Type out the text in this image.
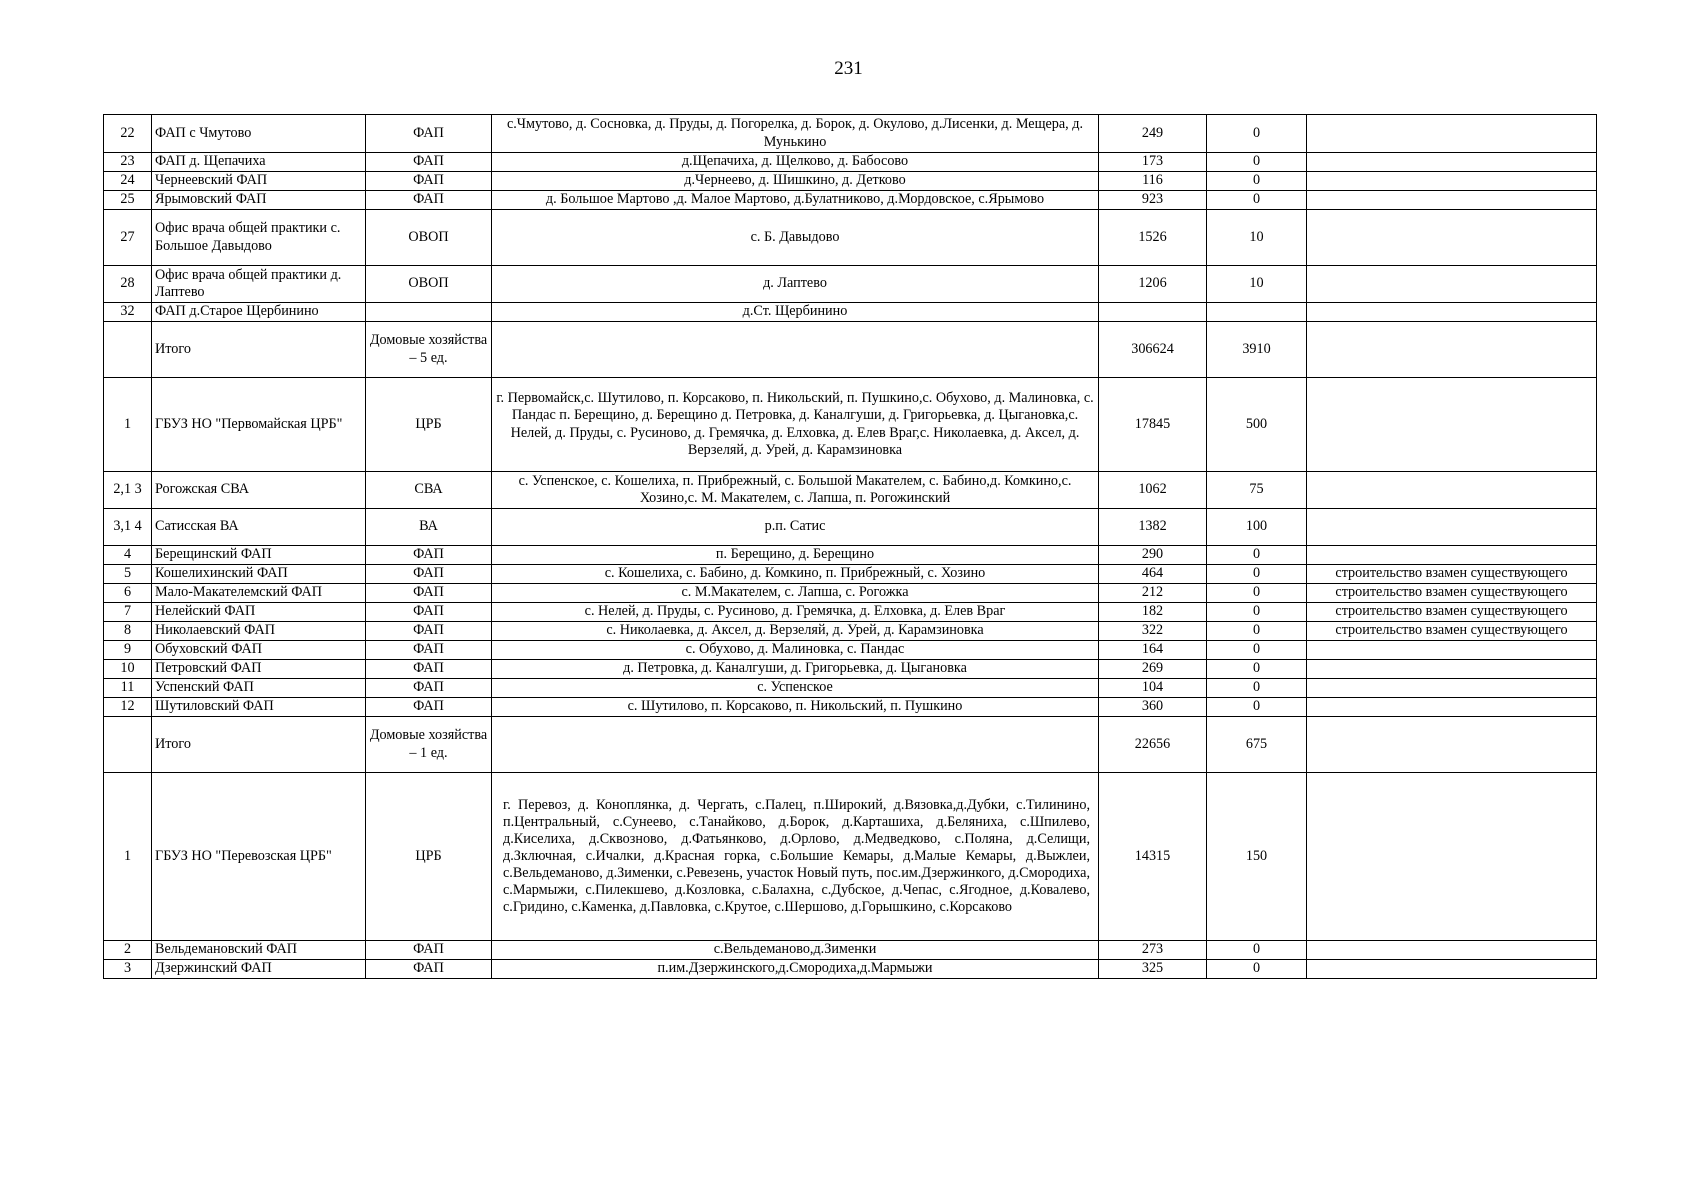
231
22	ФАП с Чмутово	ФАП	с.Чмутово, д. Сосновка, д. Пруды, д. Погорелка, д. Борок, д. Окулово, д.Лисенки, д. Мещера, д. Мунькино	249	0	
23	ФАП д. Щепачиха	ФАП	д.Щепачиха, д. Щелково, д. Бабосово	173	0	
24	Чернеевский ФАП	ФАП	д.Чернеево, д. Шишкино, д. Детково	116	0	
25	Ярымовский ФАП	ФАП	д. Большое Мартово ,д. Малое Мартово, д.Булатниково, д.Мордовское, с.Ярымово	923	0	
27	Офис врача общей практики с. Большое Давыдово	ОВОП	с. Б. Давыдово	1526	10	
28	Офис врача общей практики д. Лаптево	ОВОП	д. Лаптево	1206	10	
32	ФАП д.Старое Щербинино		д.Ст. Щербинино			
	Итого	Домовые хозяйства – 5 ед.		306624	3910	
1	ГБУЗ НО "Первомайская ЦРБ"	ЦРБ	г. Первомайск,с. Шутилово, п. Корсаково, п. Никольский, п. Пушкино,с. Обухово, д. Малиновка, с. Пандас п. Берещино, д. Берещино д. Петровка, д. Каналгуши, д. Григорьевка, д. Цыгановка,с. Нелей, д. Пруды, с. Русиново, д. Гремячка, д. Елховка, д. Елев Враг,с. Николаевка, д. Аксел, д. Верзеляй, д. Урей, д. Карамзиновка	17845	500	
2,1 3	Рогожская СВА	СВА	с. Успенское, с. Кошелиха, п. Прибрежный, с. Большой Макателем, с. Бабино,д. Комкино,с. Хозино,с. М. Макателем, с. Лапша, п. Рогожинский	1062	75	
3,1 4	Сатисская ВА	ВА	р.п. Сатис	1382	100	
4	Берещинский ФАП	ФАП	п. Берещино, д. Берещино	290	0	
5	Кошелихинский ФАП	ФАП	с. Кошелиха, с. Бабино, д. Комкино, п. Прибрежный, с. Хозино	464	0	строительство взамен существующего
6	Мало-Макателемский ФАП	ФАП	с. М.Макателем, с. Лапша, с. Рогожка	212	0	строительство взамен существующего
7	Нелейский ФАП	ФАП	с. Нелей, д. Пруды, с. Русиново, д. Гремячка, д. Елховка, д. Елев Враг	182	0	строительство взамен существующего
8	Николаевский ФАП	ФАП	с. Николаевка, д. Аксел, д. Верзеляй, д. Урей, д. Карамзиновка	322	0	строительство взамен существующего
9	Обуховский ФАП	ФАП	с. Обухово, д. Малиновка, с. Пандас	164	0	
10	Петровский ФАП	ФАП	д. Петровка, д. Каналгуши, д. Григорьевка, д. Цыгановка	269	0	
11	Успенский ФАП	ФАП	с. Успенское	104	0	
12	Шутиловский ФАП	ФАП	с. Шутилово, п. Корсаково, п. Никольский, п. Пушкино	360	0	
	Итого	Домовые хозяйства – 1 ед.		22656	675	
1	ГБУЗ НО "Перевозская ЦРБ"	ЦРБ	г. Перевоз, д. Коноплянка, д. Чергать, с.Палец, п.Широкий, д.Вязовка,д.Дубки, с.Тилинино, п.Центральный, с.Сунеево, с.Танайково, д.Борок, д.Карташиха, д.Беляниха, с.Шпилево, д.Киселиха, д.Сквозново, д.Фатьянково, д.Орлово, д.Медведково, с.Поляна, д.Селищи, д.Зключная, с.Ичалки, д.Красная горка, с.Большие Кемары, д.Малые Кемары, д.Выжлеи, с.Вельдеманово, д.Зименки, с.Ревезень, участок Новый путь, пос.им.Дзержинкого, д.Смородиха, с.Мармыжи, с.Пилекшево, д.Козловка, с.Балахна, с.Дубское, д.Чепас, с.Ягодное, д.Ковалево, с.Гридино, с.Каменка, д.Павловка, с.Крутое, с.Шершово, д.Горышкино, с.Корсаково	14315	150	
2	Вельдемановский ФАП	ФАП	с.Вельдеманово,д.Зименки	273	0	
3	Дзержинский ФАП	ФАП	п.им.Дзержинского,д.Смородиха,д.Мармыжи	325	0	
